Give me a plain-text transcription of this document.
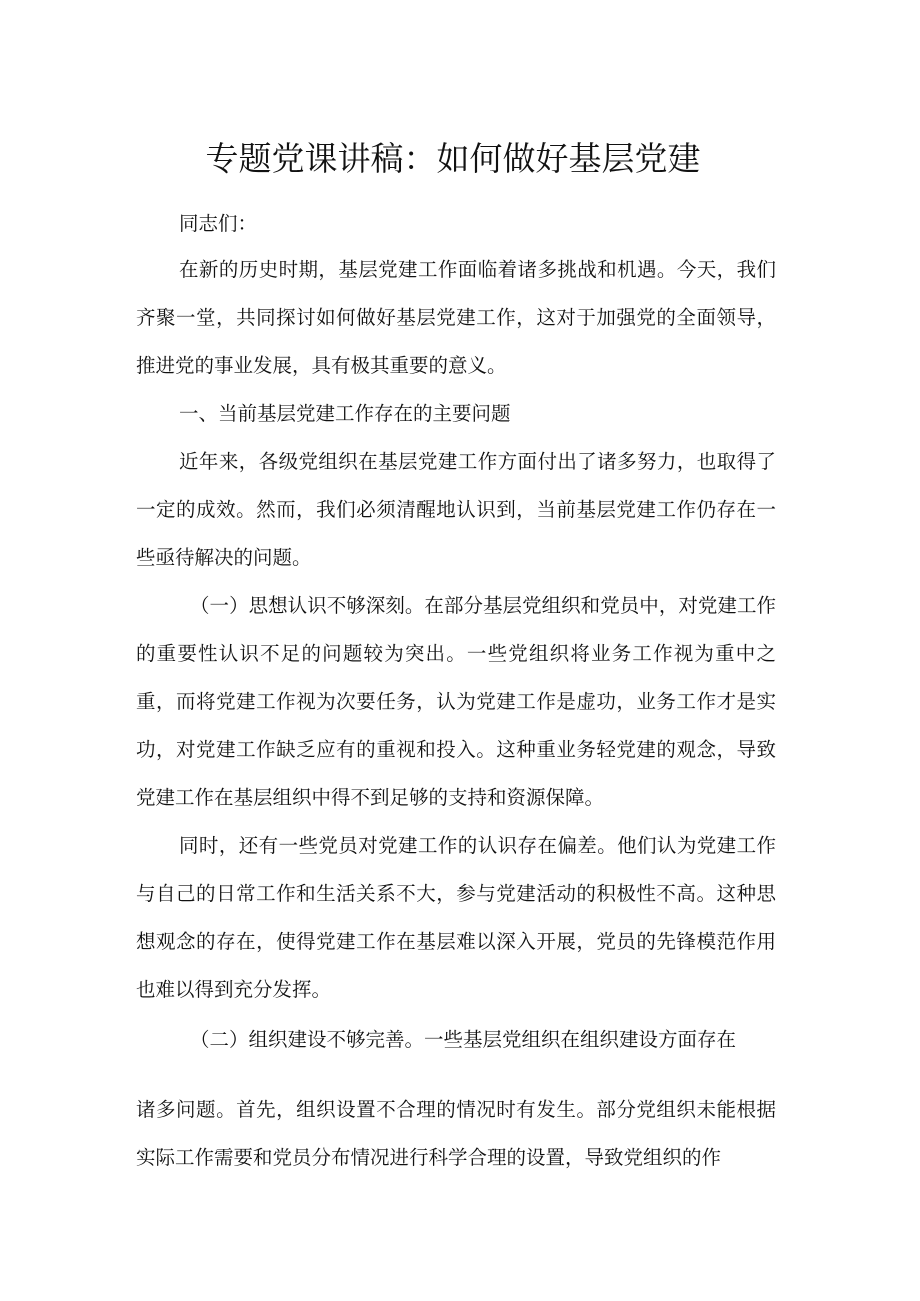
专题党课讲稿：如何做好基层党建
同志们：
在新的历史时期，基层党建工作面临着诸多挑战和机遇。今天，我们齐聚一堂，共同探讨如何做好基层党建工作，这对于加强党的全面领导，推进党的事业发展，具有极其重要的意义。
一、当前基层党建工作存在的主要问题
近年来，各级党组织在基层党建工作方面付出了诸多努力，也取得了一定的成效。然而，我们必须清醒地认识到，当前基层党建工作仍存在一些亟待解决的问题。
（一）思想认识不够深刻。在部分基层党组织和党员中，对党建工作的重要性认识不足的问题较为突出。一些党组织将业务工作视为重中之重，而将党建工作视为次要任务，认为党建工作是虚功，业务工作才是实功，对党建工作缺乏应有的重视和投入。这种重业务轻党建的观念，导致党建工作在基层组织中得不到足够的支持和资源保障。
同时，还有一些党员对党建工作的认识存在偏差。他们认为党建工作与自己的日常工作和生活关系不大，参与党建活动的积极性不高。这种思想观念的存在，使得党建工作在基层难以深入开展，党员的先锋模范作用也难以得到充分发挥。
（二）组织建设不够完善。一些基层党组织在组织建设方面存在
诸多问题。首先，组织设置不合理的情况时有发生。部分党组织未能根据实际工作需要和党员分布情况进行科学合理的设置，导致党组织的作
